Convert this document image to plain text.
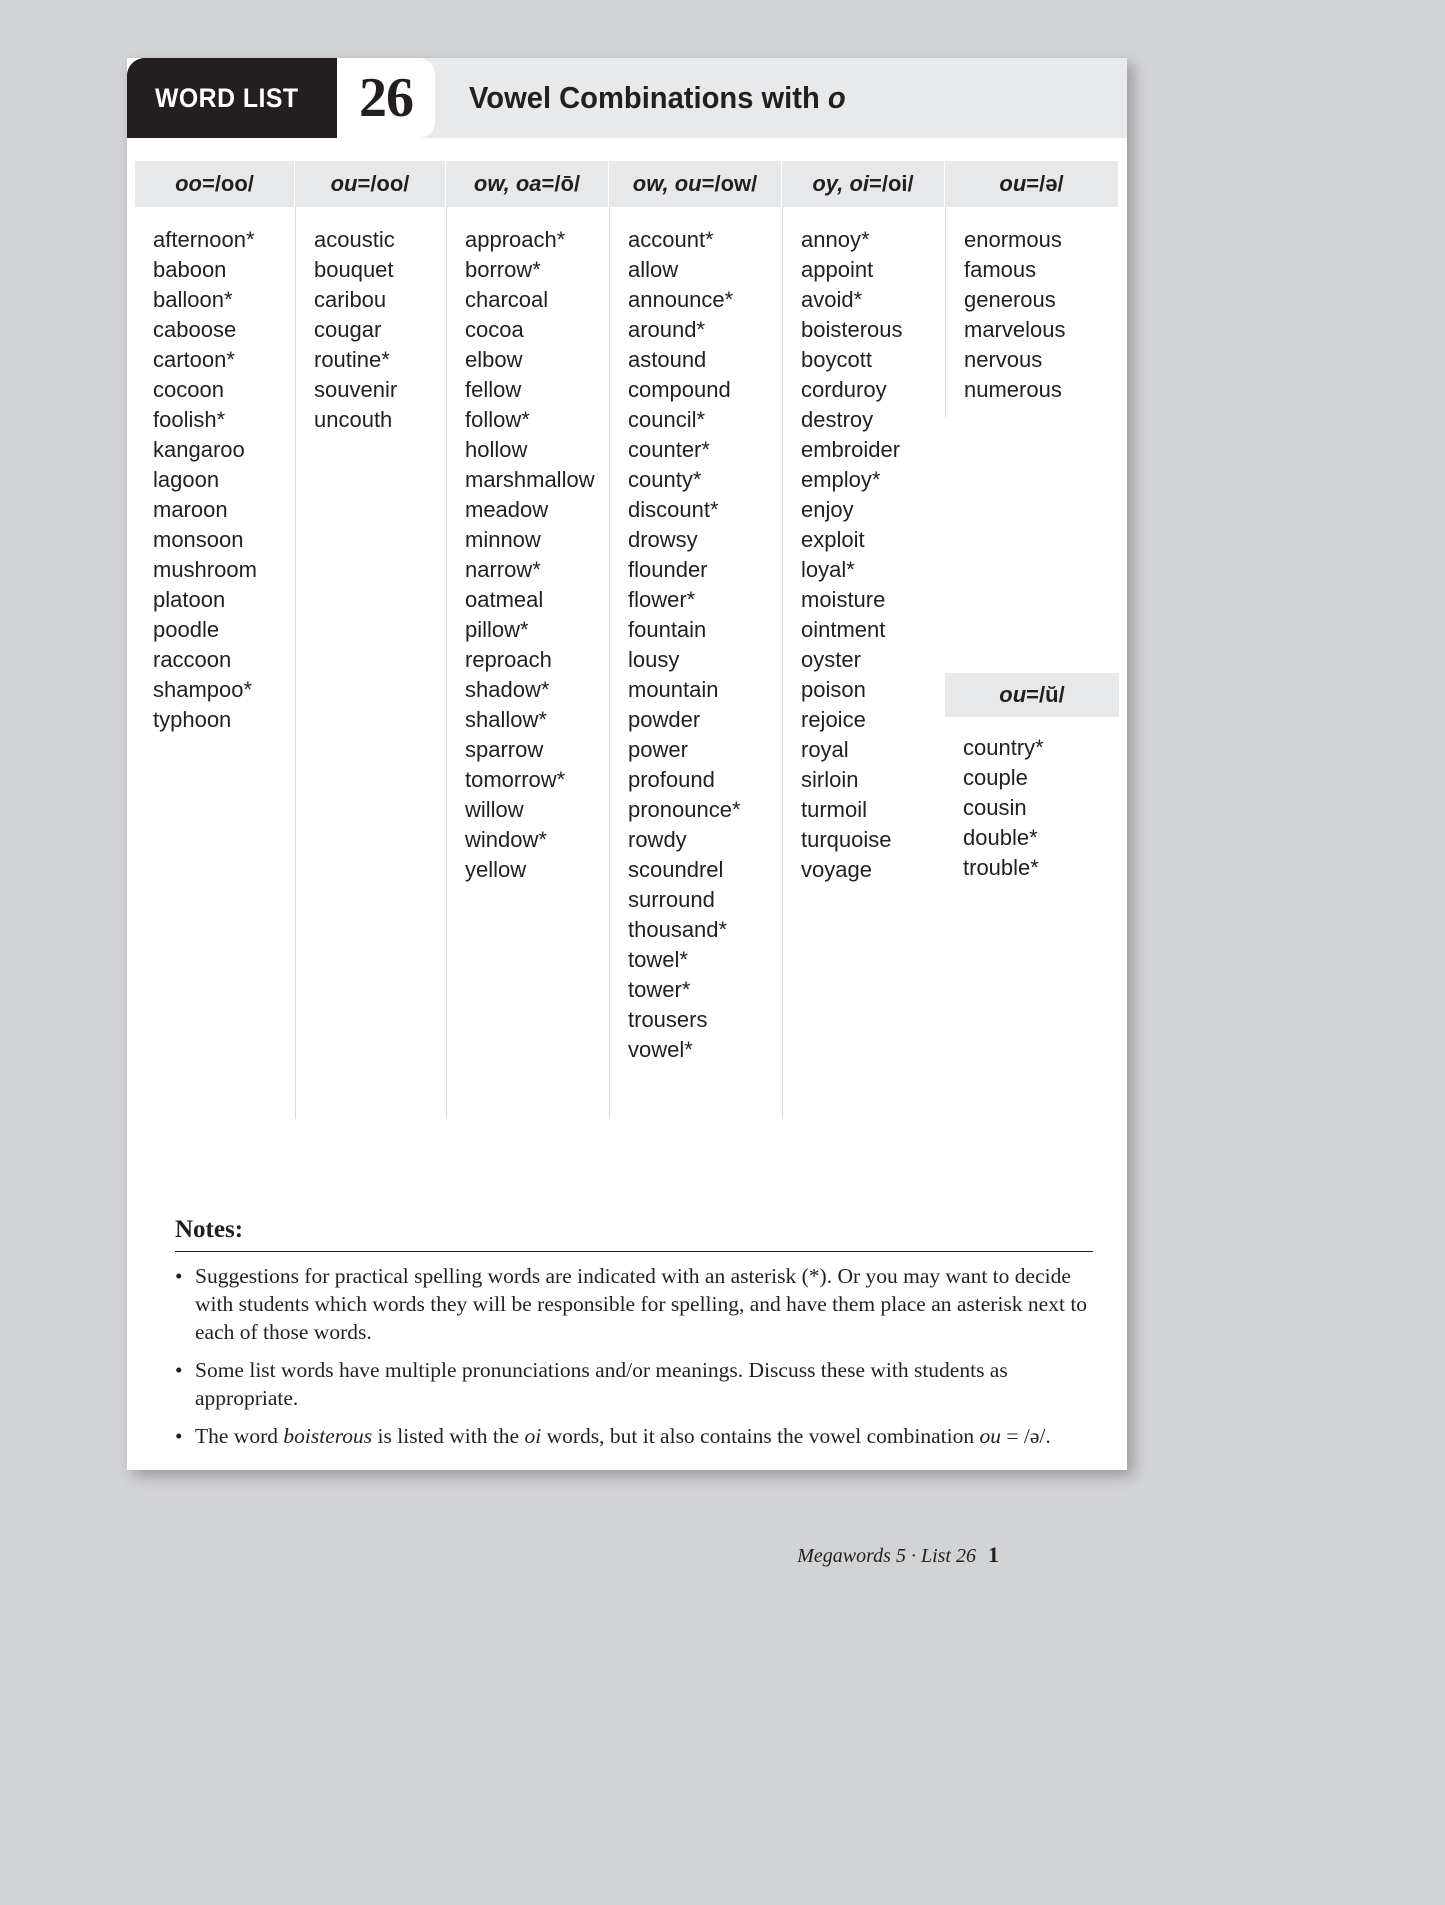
WORD LIST 26 Vowel Combinations with o
oo = /oo/
afternoon*
baboon
balloon*
caboose
cartoon*
cocoon
foolish*
kangaroo
lagoon
maroon
monsoon
mushroom
platoon
poodle
raccoon
shampoo*
typhoon
ou = /oo/
acoustic
bouquet
caribou
cougar
routine*
souvenir
uncouth
ow, oa = /ō/
approach*
borrow*
charcoal
cocoa
elbow
fellow
follow*
hollow
marshmallow
meadow
minnow
narrow*
oatmeal
pillow*
reproach
shadow*
shallow*
sparrow
tomorrow*
willow
window*
yellow
ow, ou = /ow/
account*
allow
announce*
around*
astound
compound
council*
counter*
county*
discount*
drowsy
flounder
flower*
fountain
lousy
mountain
powder
power
profound
pronounce*
rowdy
scoundrel
surround
thousand*
towel*
tower*
trousers
vowel*
oy, oi = /oi/
annoy*
appoint
avoid*
boisterous
boycott
corduroy
destroy
embroider
employ*
enjoy
exploit
loyal*
moisture
ointment
oyster
poison
rejoice
royal
sirloin
turmoil
turquoise
voyage
ou = /ə/
enormous
famous
generous
marvelous
nervous
numerous
ou = /ŭ/
country*
couple
cousin
double*
trouble*
Notes:
• Suggestions for practical spelling words are indicated with an asterisk (*). Or you may want to decide with students which words they will be responsible for spelling, and have them place an asterisk next to each of those words.
• Some list words have multiple pronunciations and/or meanings. Discuss these with students as appropriate.
• The word boisterous is listed with the oi words, but it also contains the vowel combination ou = /ə/.
Megawords 5 · List 26 1
